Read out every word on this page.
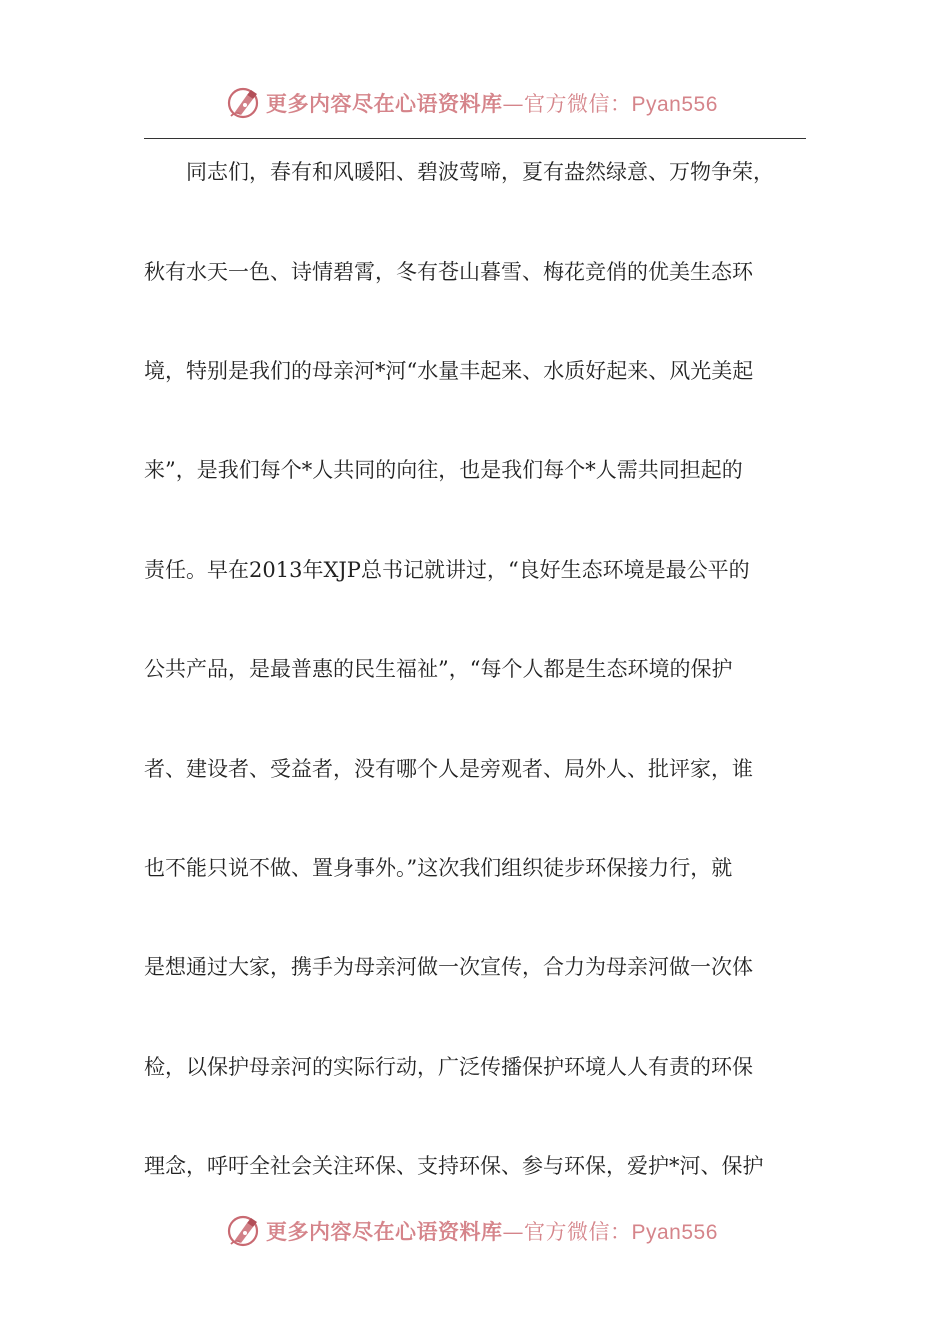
更多内容尽在心语资料库—官方微信：Pyan556
同志们，春有和风暖阳、碧波莺啼，夏有盎然绿意、万物争荣，
秋有水天一色、诗情碧霄，冬有苍山暮雪、梅花竞俏的优美生态环
境，特别是我们的母亲河*河“水量丰起来、水质好起来、风光美起
来”，是我们每个*人共同的向往，也是我们每个*人需共同担起的
责任。早在2013年XJP总书记就讲过，“良好生态环境是最公平的
公共产品，是最普惠的民生福祉”，“每个人都是生态环境的保护
者、建设者、受益者，没有哪个人是旁观者、局外人、批评家，谁
也不能只说不做、置身事外。”这次我们组织徒步环保接力行，就
是想通过大家，携手为母亲河做一次宣传，合力为母亲河做一次体
检，以保护母亲河的实际行动，广泛传播保护环境人人有责的环保
理念，呼吁全社会关注环保、支持环保、参与环保，爱护*河、保护
更多内容尽在心语资料库—官方微信：Pyan556
